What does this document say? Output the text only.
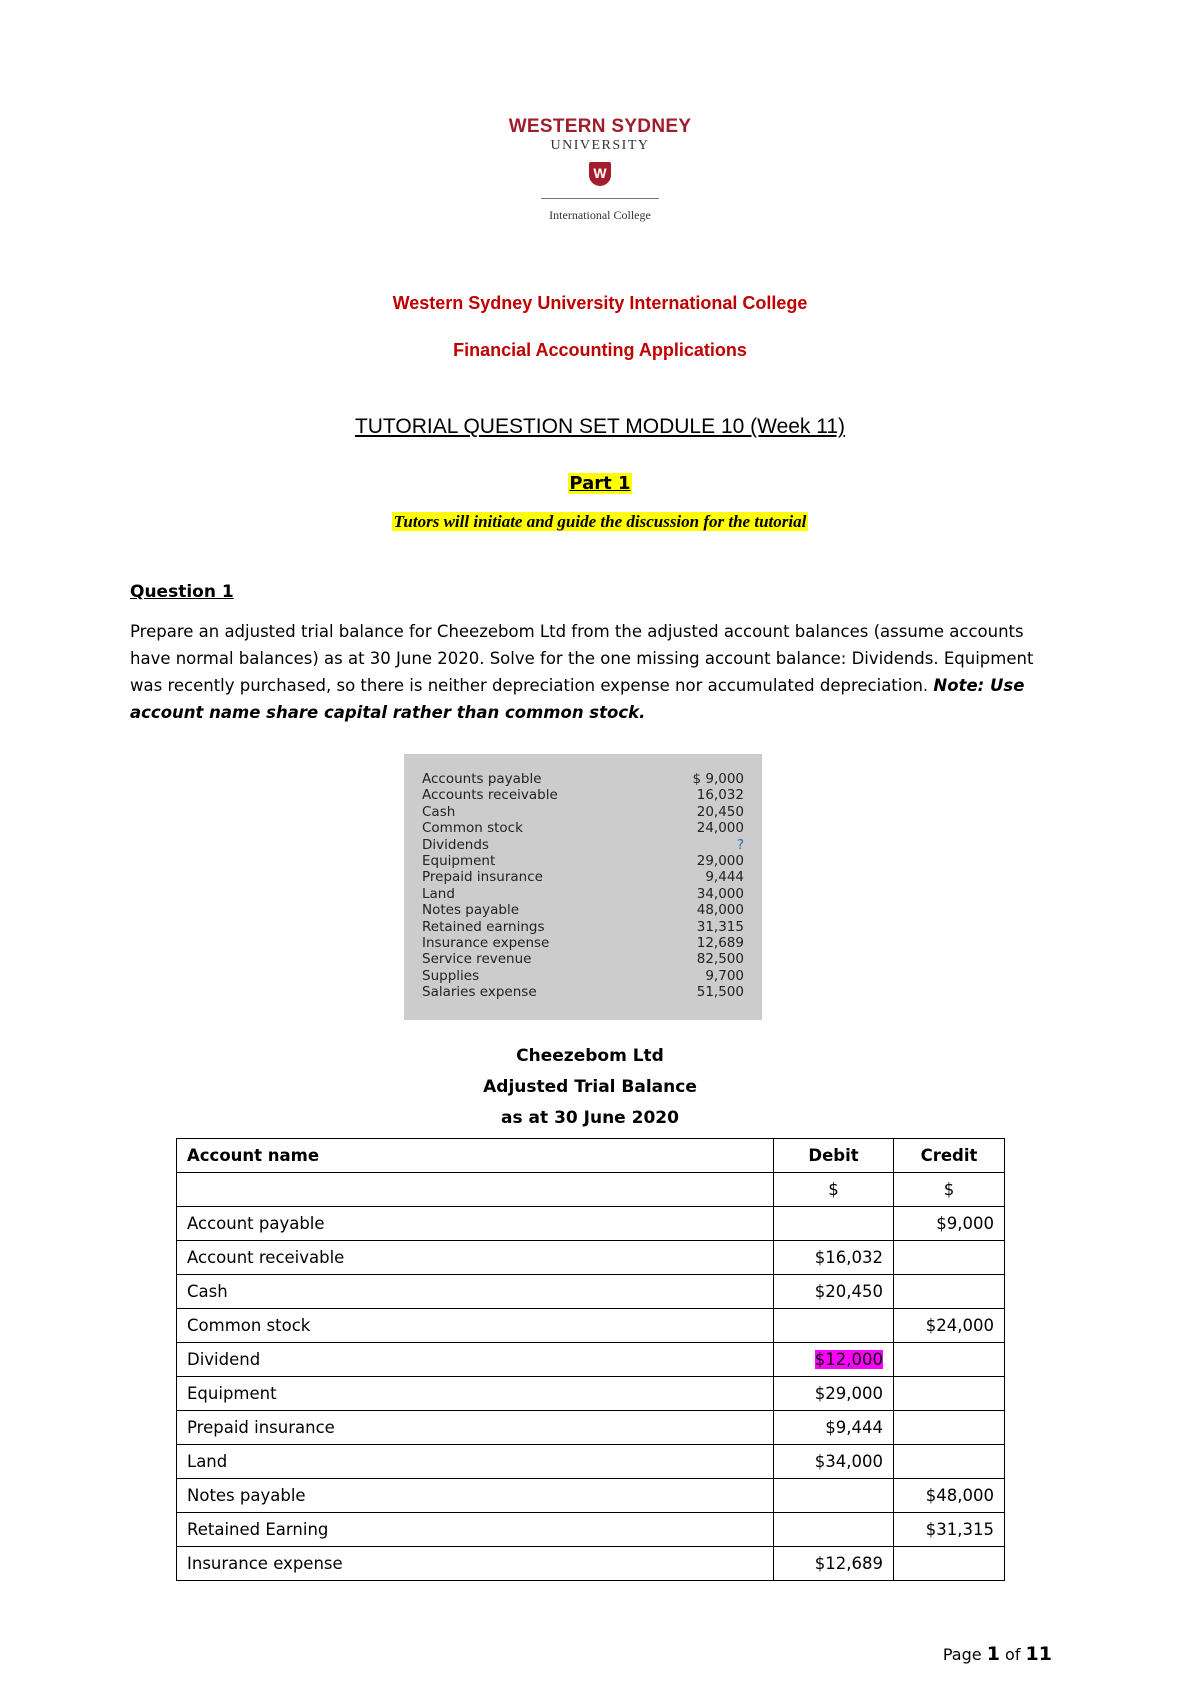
WESTERN SYDNEY
UNIVERSITY
W
International College
Western Sydney University International College
Financial Accounting Applications
TUTORIAL QUESTION SET MODULE 10 (Week 11)
Part 1
Tutors will initiate and guide the discussion for the tutorial
Question 1
Prepare an adjusted trial balance for Cheezebom Ltd from the adjusted account balances (assume accounts have normal balances) as at 30 June 2020. Solve for the one missing account balance: Dividends. Equipment was recently purchased, so there is neither depreciation expense nor accumulated depreciation. Note: Use account name share capital rather than common stock.
Accounts payable	$ 9,000
Accounts receivable	16,032
Cash	20,450
Common stock	24,000
Dividends	?
Equipment	29,000
Prepaid insurance	9,444
Land	34,000
Notes payable	48,000
Retained earnings	31,315
Insurance expense	12,689
Service revenue	82,500
Supplies	9,700
Salaries expense	51,500
Cheezebom Ltd
Adjusted Trial Balance
as at 30 June 2020
Account name	Debit	Credit
	$	$
Account payable		$9,000
Account receivable	$16,032	
Cash	$20,450	
Common stock		$24,000
Dividend	$12,000	
Equipment	$29,000	
Prepaid insurance	$9,444	
Land	$34,000	
Notes payable		$48,000
Retained Earning		$31,315
Insurance expense	$12,689	
Page 1 of 11
